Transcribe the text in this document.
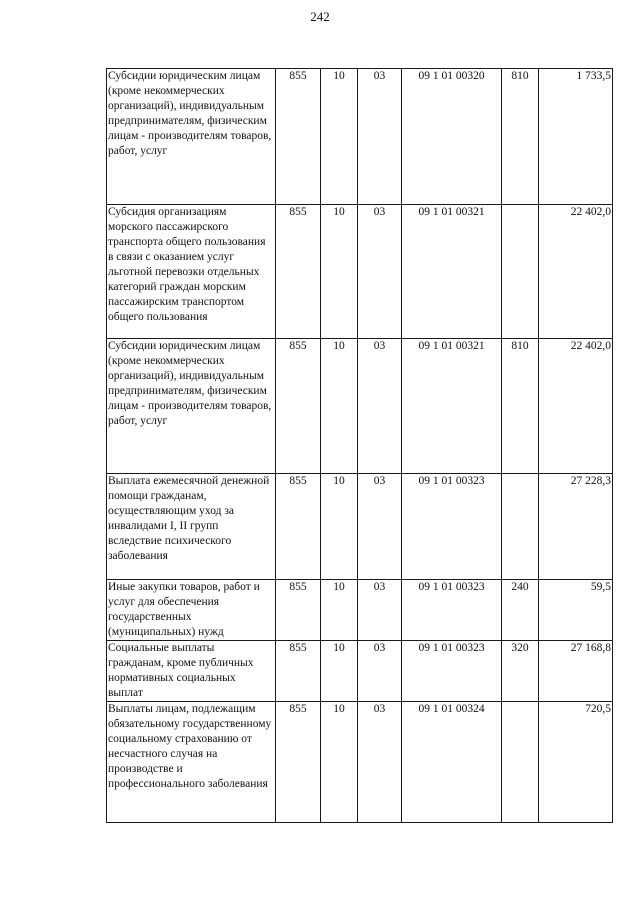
242
Субсидии юридическим лицам (кроме некоммерческих организаций), индивидуальным предпринимателям, физическим лицам - производителям товаров, работ, услуг	855	10	03	09 1 01 00320	810	1 733,5
Субсидия организациям морского пассажирского транспорта общего пользования в связи с оказанием услуг льготной перевозки отдельных категорий граждан морским пассажирским транспортом общего пользования	855	10	03	09 1 01 00321		22 402,0
Субсидии юридическим лицам (кроме некоммерческих организаций), индивидуальным предпринимателям, физическим лицам - производителям товаров, работ, услуг	855	10	03	09 1 01 00321	810	22 402,0
Выплата ежемесячной денежной помощи гражданам, осуществляющим уход за инвалидами I, II групп вследствие психического заболевания	855	10	03	09 1 01 00323		27 228,3
Иные закупки товаров, работ и услуг для обеспечения государственных (муниципальных) нужд	855	10	03	09 1 01 00323	240	59,5
Социальные выплаты гражданам, кроме публичных нормативных социальных выплат	855	10	03	09 1 01 00323	320	27 168,8
Выплаты лицам, подлежащим обязательному государственному социальному страхованию от несчастного случая на производстве и профессионального заболевания	855	10	03	09 1 01 00324		720,5
